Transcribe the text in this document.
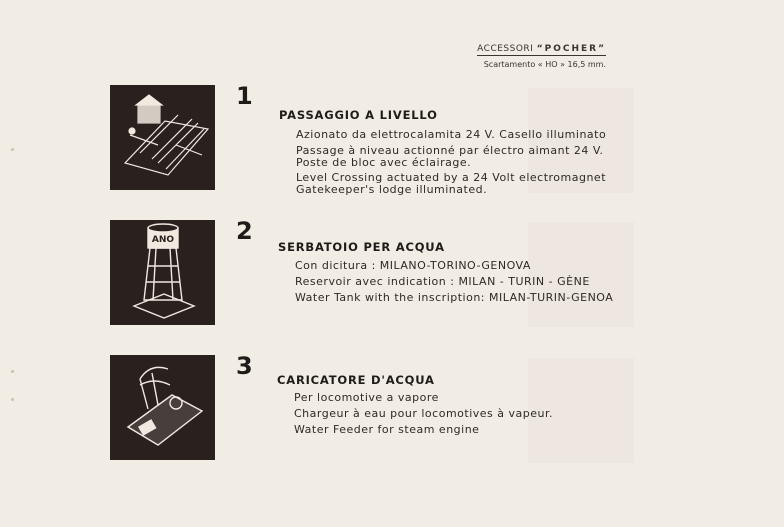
ACCESSORI “POCHER”
Scartamento « HO » 16,5 mm.
1
PASSAGGIO A LIVELLO
Azionato da elettrocalamita 24 V. Casello illuminato
Passage à niveau actionné par électro aimant 24 V.
Poste de bloc avec éclairage.
Level Crossing actuated by a 24 Volt electromagnet
Gatekeeper's lodge illuminated.
ANO	2
SERBATOIO PER ACQUA
Con dicitura : MILANO-TORINO-GENOVA
Reservoir avec indication : MILAN - TURIN - GÈNE
Water Tank with the inscription: MILAN-TURIN-GENOA
3 CARICATORE D'ACQUA
Per locomotive a vapore
Chargeur à eau pour locomotives à vapeur.
Water Feeder for steam engine
